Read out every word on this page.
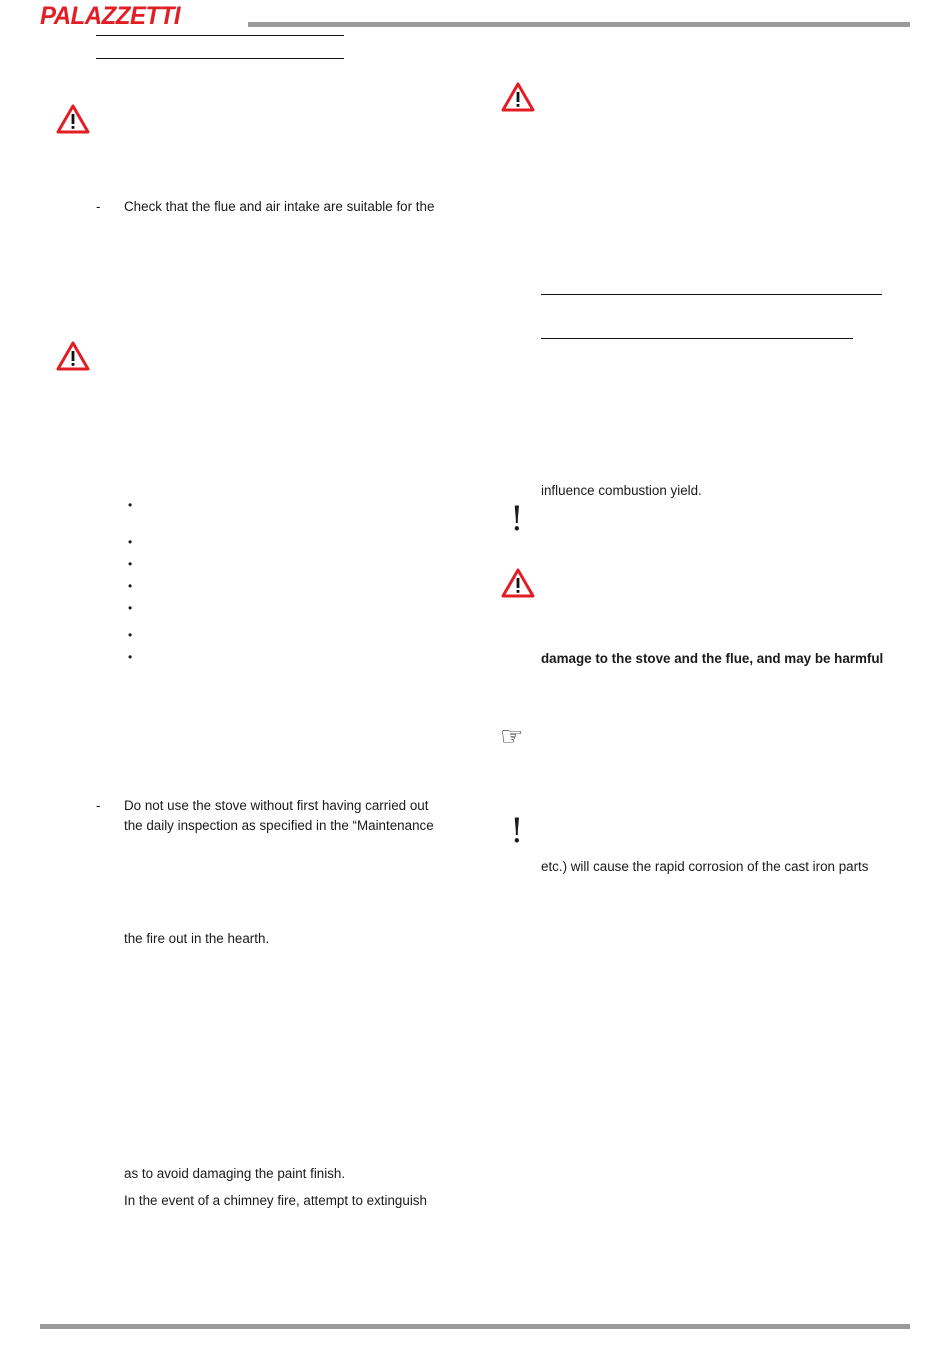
PALAZZETTI
- Check that the flue and air intake are suitable for the
•
•
•
•
•
•
•
- Do not use the stove without first having carried out
the daily inspection as specified in the “Maintenance
the fire out in the hearth.
as to avoid damaging the paint finish.
In the event of a chimney fire, attempt to extinguish
influence combustion yield.
!
damage to the stove and the flue, and may be harmful
☞
!
etc.) will cause the rapid corrosion of the cast iron parts
